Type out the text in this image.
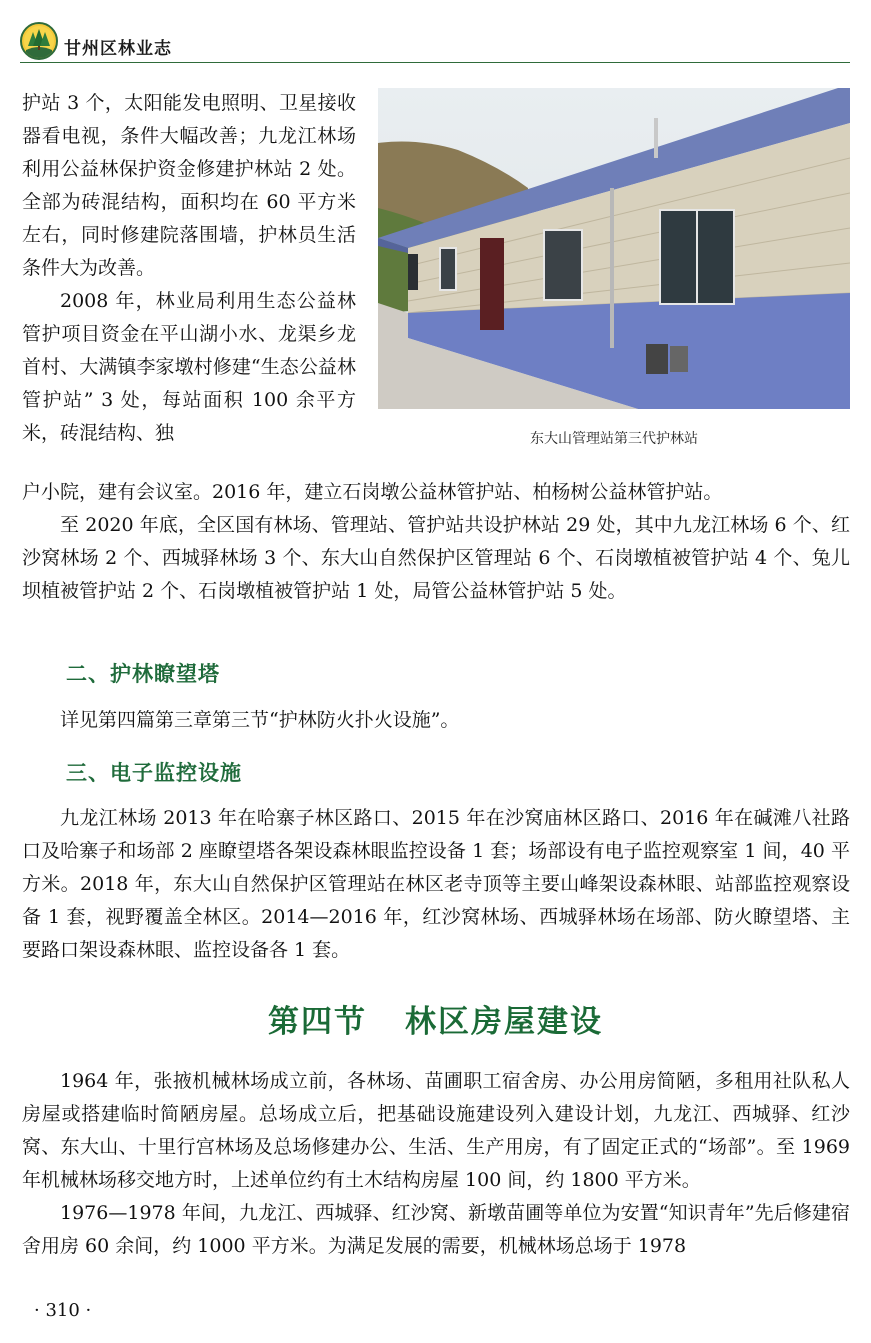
甘州区林业志

护站 3 个，太阳能发电照明、卫星接收器看电视，条件大幅改善；九龙江林场利用公益林保护资金修建护林站 2 处。全部为砖混结构，面积均在 60 平方米左右，同时修建院落围墙，护林员生活条件大为改善。

2008 年，林业局利用生态公益林管护项目资金在平山湖小水、龙渠乡龙首村、大满镇李家墩村修建“生态公益林管护站” 3 处，每站面积 100 余平方米，砖混结构、独	东大山管理站第三代护林站

户小院，建有会议室。2016 年，建立石岗墩公益林管护站、柏杨树公益林管护站。

至 2020 年底，全区国有林场、管理站、管护站共设护林站 29 处，其中九龙江林场 6 个、红沙窝林场 2 个、西城驿林场 3 个、东大山自然保护区管理站 6 个、石岗墩植被管护站 4 个、兔儿坝植被管护站 2 个、石岗墩植被管护站 1 处，局管公益林管护站 5 处。

二、护林瞭望塔

详见第四篇第三章第三节“护林防火扑火设施”。

三、电子监控设施

九龙江林场 2013 年在哈寨子林区路口、2015 年在沙窝庙林区路口、2016 年在碱滩八社路口及哈寨子和场部 2 座瞭望塔各架设森林眼监控设备 1 套；场部设有电子监控观察室 1 间，40 平方米。2018 年，东大山自然保护区管理站在林区老寺顶等主要山峰架设森林眼、站部监控观察设备 1 套，视野覆盖全林区。2014—2016 年，红沙窝林场、西城驿林场在场部、防火瞭望塔、主要路口架设森林眼、监控设备各 1 套。

第四节 林区房屋建设

1964 年，张掖机械林场成立前，各林场、苗圃职工宿舍房、办公用房简陋，多租用社队私人房屋或搭建临时简陋房屋。总场成立后，把基础设施建设列入建设计划，九龙江、西城驿、红沙窝、东大山、十里行宫林场及总场修建办公、生活、生产用房，有了固定正式的“场部”。至 1969 年机械林场移交地方时，上述单位约有土木结构房屋 100 间，约 1800 平方米。

1976—1978 年间，九龙江、西城驿、红沙窝、新墩苗圃等单位为安置“知识青年”先后修建宿舍用房 60 余间，约 1000 平方米。为满足发展的需要，机械林场总场于 1978

· 310 ·
